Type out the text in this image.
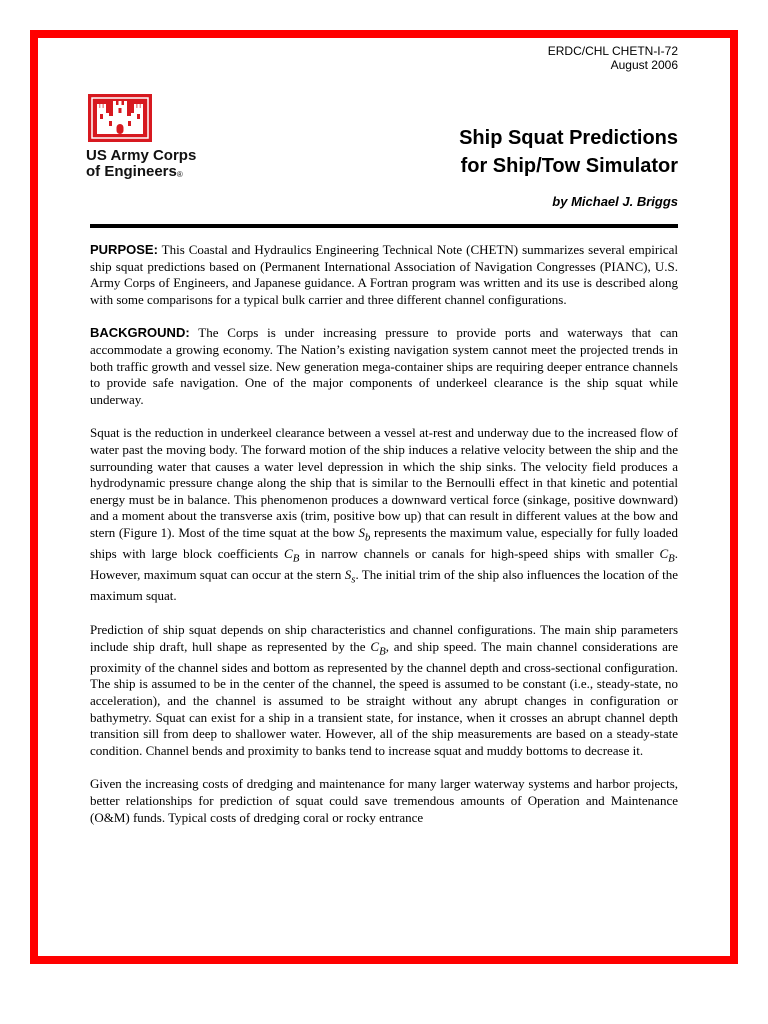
ERDC/CHL CHETN-I-72
August 2006
US Army Corps
of Engineers$_®$
Ship Squat Predictions
for Ship/Tow Simulator
by Michael J. Briggs

PURPOSE: This Coastal and Hydraulics Engineering Technical Note (CHETN) summarizes several empirical ship squat predictions based on (Permanent International Association of Navigation Congresses (PIANC), U.S. Army Corps of Engineers, and Japanese guidance. A Fortran program was written and its use is described along with some comparisons for a typical bulk carrier and three different channel configurations.

BACKGROUND: The Corps is under increasing pressure to provide ports and waterways that can accommodate a growing economy. The Nation’s existing navigation system cannot meet the projected trends in both traffic growth and vessel size. New generation mega-container ships are requiring deeper entrance channels to provide safe navigation. One of the major components of underkeel clearance is the ship squat while underway.

Squat is the reduction in underkeel clearance between a vessel at-rest and underway due to the increased flow of water past the moving body. The forward motion of the ship induces a relative velocity between the ship and the surrounding water that causes a water level depression in which the ship sinks. The velocity field produces a hydrodynamic pressure change along the ship that is similar to the Bernoulli effect in that kinetic and potential energy must be in balance. This phenomenon produces a downward vertical force (sinkage, positive downward) and a moment about the transverse axis (trim, positive bow up) that can result in different values at the bow and stern (Figure 1). Most of the time squat at the bow $S_b$ represents the maximum value, especially for fully loaded ships with large block coefficients $C_B$ in narrow channels or canals for high-speed ships with smaller $C_B$. However, maximum squat can occur at the stern $S_s$. The initial trim of the ship also influences the location of the maximum squat.

Prediction of ship squat depends on ship characteristics and channel configurations. The main ship parameters include ship draft, hull shape as represented by the $C_B$, and ship speed. The main channel considerations are proximity of the channel sides and bottom as represented by the channel depth and cross-sectional configuration. The ship is assumed to be in the center of the channel, the speed is assumed to be constant (i.e., steady-state, no acceleration), and the channel is assumed to be straight without any abrupt changes in configuration or bathymetry. Squat can exist for a ship in a transient state, for instance, when it crosses an abrupt channel depth transition sill from deep to shallower water. However, all of the ship measurements are based on a steady-state condition. Channel bends and proximity to banks tend to increase squat and muddy bottoms to decrease it.

Given the increasing costs of dredging and maintenance for many larger waterway systems and harbor projects, better relationships for prediction of squat could save tremendous amounts of Operation and Maintenance (O&M) funds. Typical costs of dredging coral or rocky entrance
